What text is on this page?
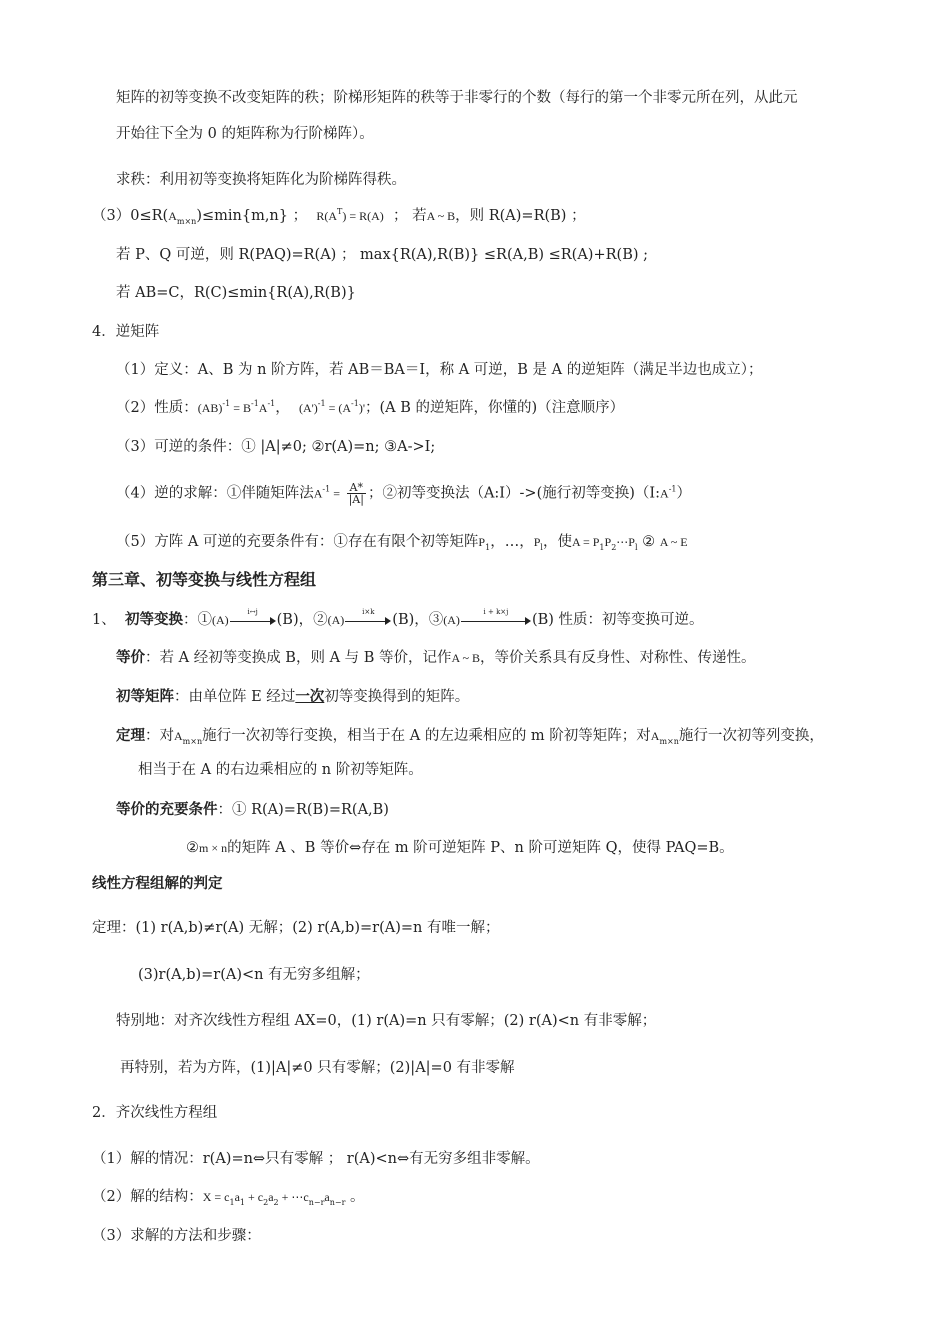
矩阵的初等变换不改变矩阵的秩；阶梯形矩阵的秩等于非零行的个数（每行的第一个非零元所在列，从此元
开始往下全为 0 的矩阵称为行阶梯阵）。
求秩：利用初等变换将矩阵化为阶梯阵得秩。
$(3)0\le R(A_{m\times n})\le\min\{m,n\}$ ； $R(A^T) = R(A)$ ； 若A ~ B，则 R(A)=R(B) ；
若 P、Q 可逆，则 R(PAQ)=R(A) ； max{R(A),R(B)} ≤R(A,B) ≤R(A)+R(B) ;
若 AB=C，R(C)≤min{R(A),R(B)}
4．逆矩阵
（1）定义：A、B 为 n 阶方阵，若 AB＝BA＝I，称 A 可逆，B 是 A 的逆矩阵（满足半边也成立）；
（2）性质：$(AB)^{-1} = B^{-1}A^{-1}$， $(A')^{-1} = (A^{-1})'$；(A B 的逆矩阵，你懂的)（注意顺序）
（3）可逆的条件：① |A|≠0; ②r(A)=n; ③A->I;
（4）逆的求解：①伴随矩阵法$A^{-1} = \frac{A*}{|A|}$ ；②初等变换法（A:I）->(施行初等变换)$(I:A^{-1})$
（5）方阵 A 可逆的充要条件有：①存在有限个初等矩阵$P_1$，…，$P_l$，使$A = P_1P_2\cdots P_l$ ② A ~ E
第三章、初等变换与线性方程组
1、  初等变换：①(A)
i↔j	(B)，②(A)
i×k	(B)，③(A)
i + k×j	(B) 性质：初等变换可逆。
等价：若 A 经初等变换成 B，则 A 与 B 等价，记作A ~ B，等价关系具有反身性、对称性、传递性。
初等矩阵：由单位阵 E 经过一次初等变换得到的矩阵。
定理：对$A_{m\times n}$施行一次初等行变换，相当于在 A 的左边乘相应的 m 阶初等矩阵；对$A_{m\times n}$施行一次初等列变换，
相当于在 A 的右边乘相应的 n 阶初等矩阵。
等价的充要条件：① R(A)=R(B)=R(A,B)
②m × n的矩阵 A 、B 等价⇔存在 m 阶可逆矩阵 P、n 阶可逆矩阵 Q，使得 PAQ=B。
线性方程组解的判定
定理：(1) r(A,b)≠r(A) 无解；(2) r(A,b)=r(A)=n 有唯一解；
(3)r(A,b)=r(A)<n 有无穷多组解；
特别地：对齐次线性方程组 AX=0，(1) r(A)=n 只有零解；(2) r(A)<n 有非零解；
再特别，若为方阵，(1)|A|≠0 只有零解；(2)|A|=0 有非零解
2．齐次线性方程组
（1）解的情况：r(A)=n⇔只有零解 ； r(A)<n⇔有无穷多组非零解。
（2）解的结构：$X = c_1a_1 + c_2a_2$ + $\cdots c_{n-r}a_{n-r}$ 。
（3）求解的方法和步骤：
